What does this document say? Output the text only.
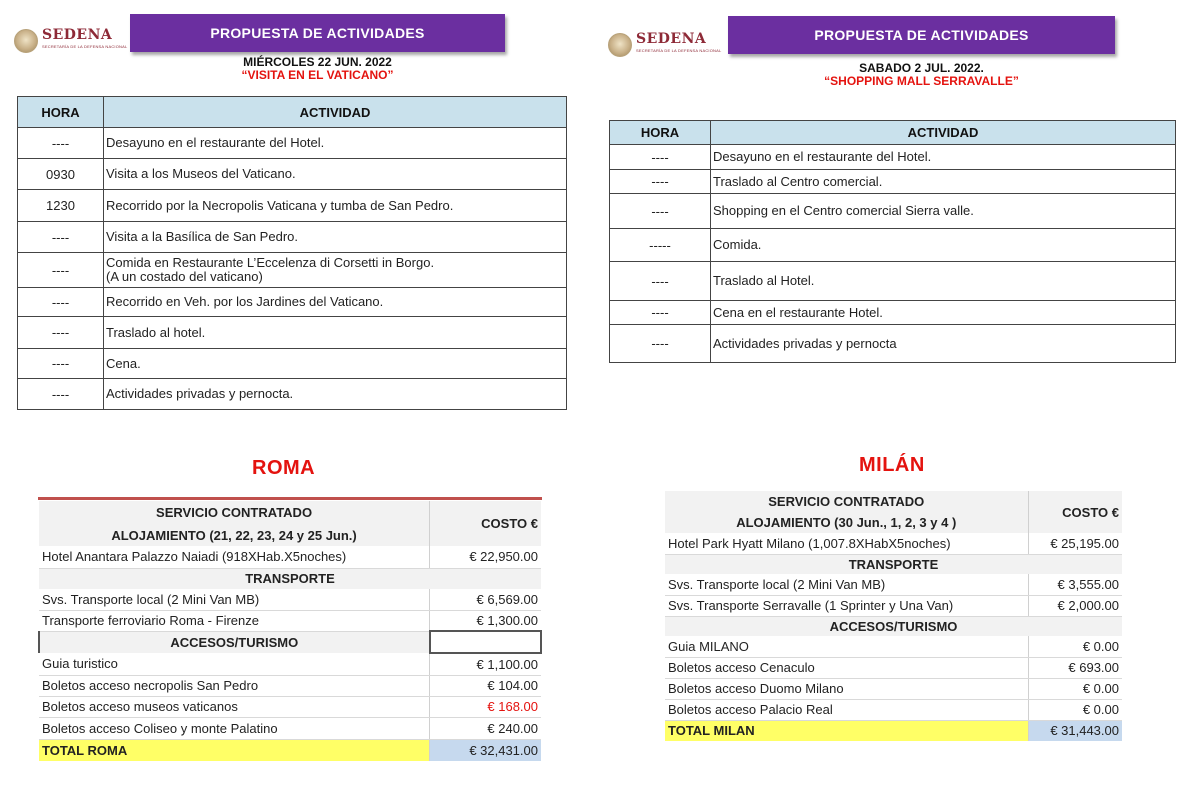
SEDENA
SECRETARÍA DE LA DEFENSA NACIONAL
PROPUESTA DE ACTIVIDADES
MIÉRCOLES 22 JUN. 2022
“VISITA EN EL VATICANO”
HORA	ACTIVIDAD
----	Desayuno en el restaurante del Hotel.
0930	Visita a los Museos del Vaticano.
1230	Recorrido por la Necropolis Vaticana y tumba de San Pedro.
----	Visita a la Basílica de San Pedro.
----	Comida en Restaurante L’Eccelenza di Corsetti in Borgo.
(A un costado del vaticano)

----	Recorrido en Veh. por los Jardines del Vaticano.
----	Traslado al hotel.
----	Cena.
----	Actividades privadas y pernocta.
SEDENA
SECRETARÍA DE LA DEFENSA NACIONAL
PROPUESTA DE ACTIVIDADES
SABADO 2 JUL. 2022.
“SHOPPING MALL SERRAVALLE”
HORA	ACTIVIDAD
----	Desayuno en el restaurante del Hotel.
----	Traslado al Centro comercial.
----	Shopping en el Centro comercial Sierra valle.
-----	Comida.
----	Traslado al Hotel.
----	Cena en el restaurante Hotel.
----	Actividades privadas y pernocta
ROMA
SERVICIO CONTRATADO	COSTO €
ALOJAMIENTO (21, 22, 23, 24 y 25 Jun.)	
Hotel Anantara Palazzo Naiadi (918XHab.X5noches)	€ 22,950.00
TRANSPORTE	
Svs. Transporte local (2 Mini Van MB)	€ 6,569.00
Transporte ferroviario Roma - Firenze	€ 1,300.00
ACCESOS/TURISMO	
Guia turistico	€ 1,100.00
Boletos acceso necropolis San Pedro	€ 104.00
Boletos acceso museos vaticanos	€ 168.00
Boletos acceso Coliseo y monte Palatino	€ 240.00
TOTAL ROMA	€ 32,431.00
MILÁN
SERVICIO CONTRATADO	COSTO €
ALOJAMIENTO (30 Jun., 1, 2, 3 y 4 )	
Hotel Park Hyatt Milano (1,007.8XHabX5noches)	€ 25,195.00
TRANSPORTE	
Svs. Transporte local (2 Mini Van MB)	€ 3,555.00
Svs. Transporte Serravalle (1 Sprinter y Una Van)	€ 2,000.00
ACCESOS/TURISMO	
Guia MILANO	€ 0.00
Boletos acceso Cenaculo	€ 693.00
Boletos acceso Duomo Milano	€ 0.00
Boletos acceso Palacio Real	€ 0.00
TOTAL MILAN	€ 31,443.00
